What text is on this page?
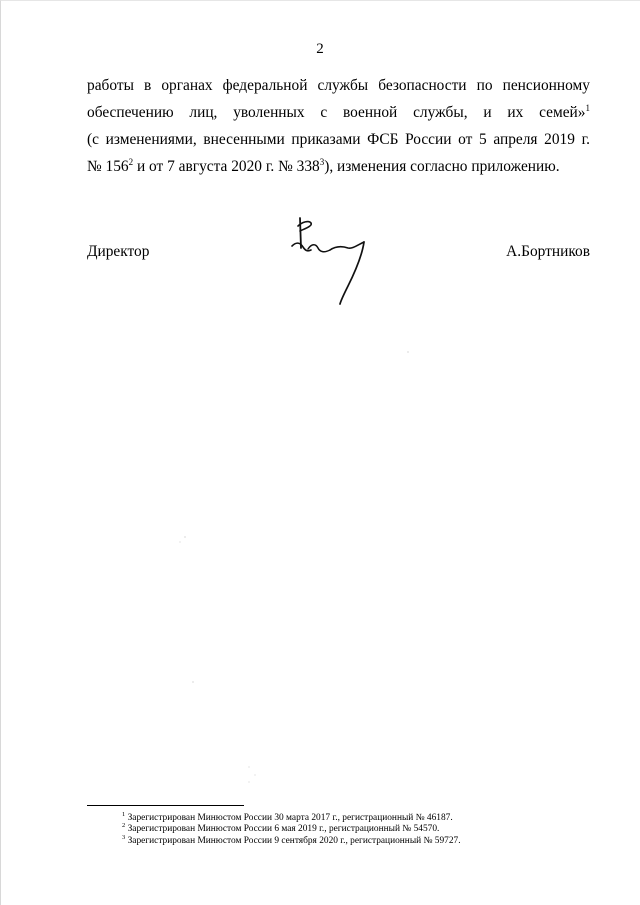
2
работы в органах федеральной службы безопасности по пенсионному
обеспечению лиц, уволенных с военной службы, и их семей»$^1$
(с изменениями, внесенными приказами ФСБ России от 5 апреля 2019 г.
№ $156^2$ и от 7 августа 2020 г. № $338^3$), изменения согласно приложению.
Директор	А.Бортников
$^1$ Зарегистрирован Минюстом России 30 марта 2017 г., регистрационный № 46187.
$^2$ Зарегистрирован Минюстом России 6 мая 2019 г., регистрационный № 54570.
$^3$ Зарегистрирован Минюстом России 9 сентября 2020 г., регистрационный № 59727.
